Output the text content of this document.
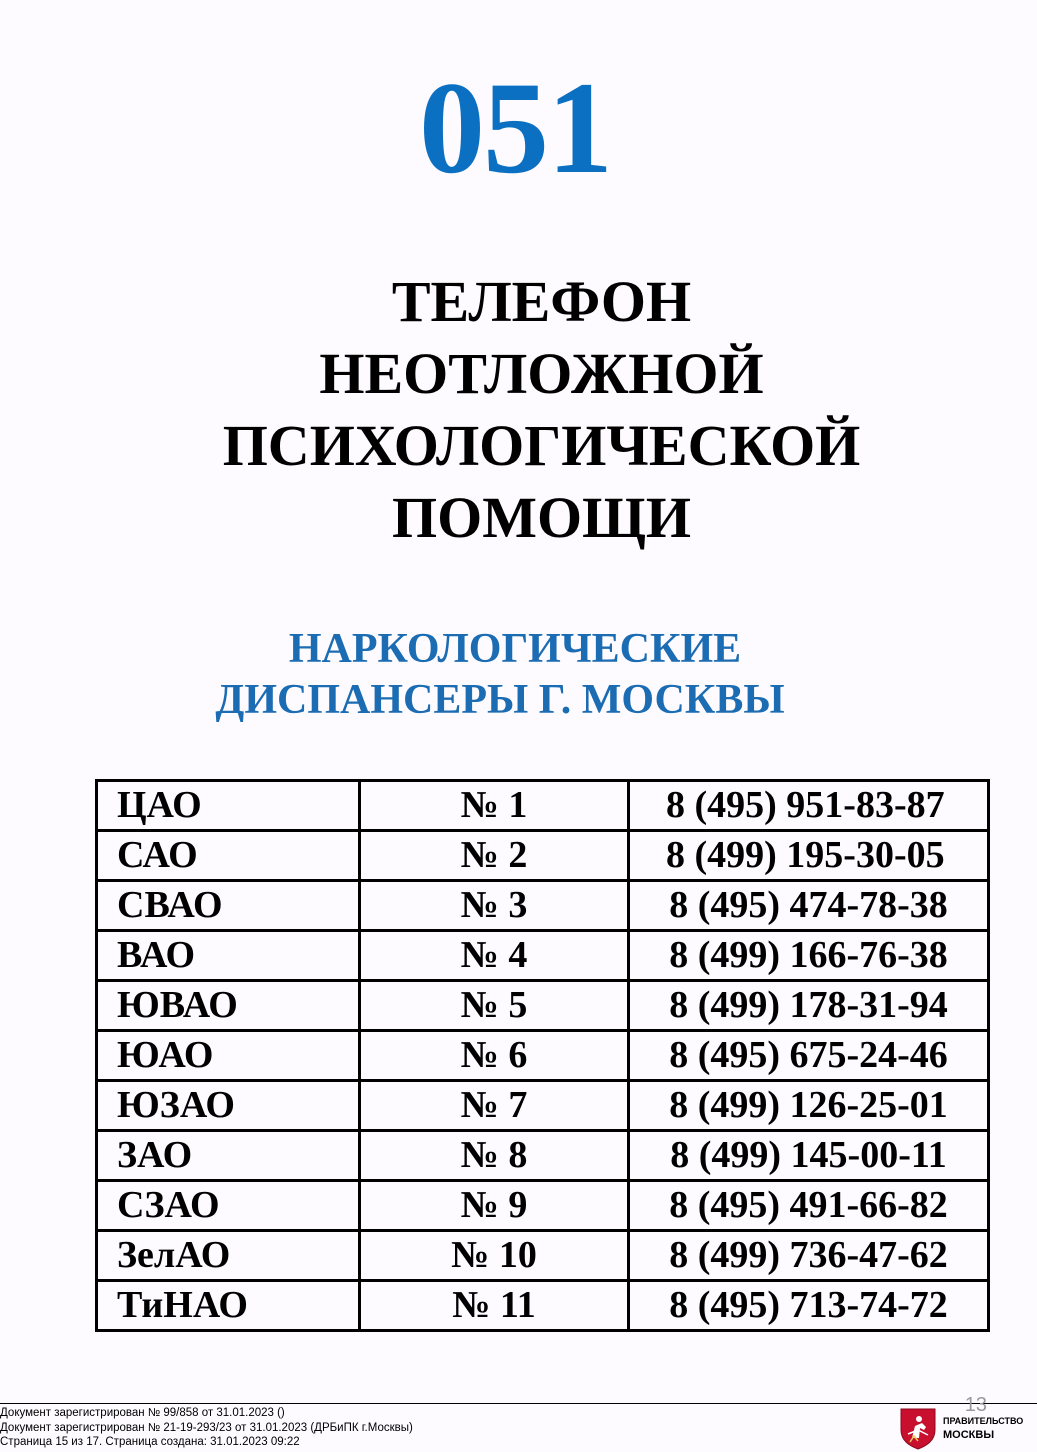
051
ТЕЛЕФОН
НЕОТЛОЖНОЙ
ПСИХОЛОГИЧЕСКОЙ
ПОМОЩИ
НАРКОЛОГИЧЕСКИЕ
ДИСПАНСЕРЫ Г. МОСКВЫ
ЦАО	№ 1	8 (495) 951-83-87
САО	№ 2	8 (499) 195-30-05
СВАО	№ 3	8 (495) 474-78-38
ВАО	№ 4	8 (499) 166-76-38
ЮВАО	№ 5	8 (499) 178-31-94
ЮАО	№ 6	8 (495) 675-24-46
ЮЗАО	№ 7	8 (499) 126-25-01
ЗАО	№ 8	8 (499) 145-00-11
СЗАО	№ 9	8 (495) 491-66-82
ЗелАО	№ 10	8 (499) 736-47-62
ТиНАО	№ 11	8 (495) 713-74-72
Документ зарегистрирован № 99/858 от 31.01.2023 ()
Документ зарегистрирован № 21-19-293/23 от 31.01.2023 (ДРБиПК г.Москвы)
Страница 15 из 17. Страница создана: 31.01.2023 09:22
13
ПРАВИТЕЛЬСТВО
МОСКВЫ
